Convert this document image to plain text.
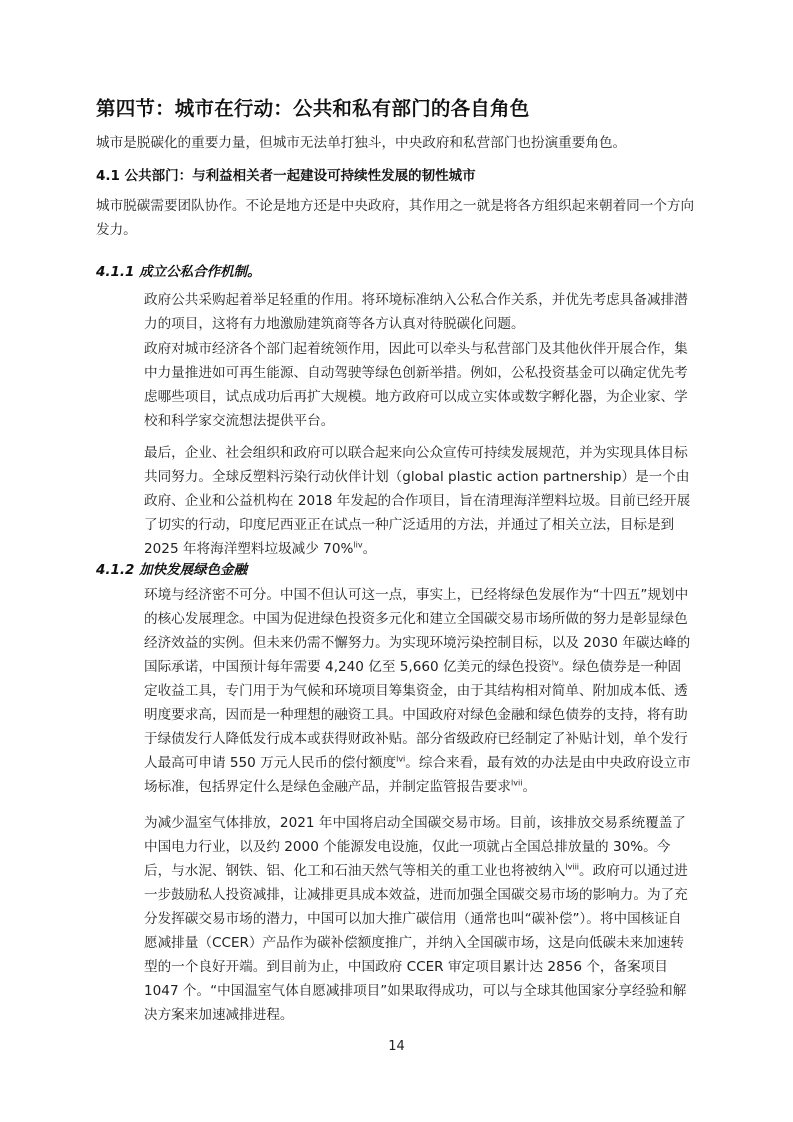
第四节：城市在行动：公共和私有部门的各自角色

城市是脱碳化的重要力量，但城市无法单打独斗，中央政府和私营部门也扮演重要角色。

4.1 公共部门：与利益相关者一起建设可持续性发展的韧性城市

城市脱碳需要团队协作。不论是地方还是中央政府，其作用之一就是将各方组织起来朝着同一个方向发力。

4.1.1 成立公私合作机制。

政府公共采购起着举足轻重的作用。将环境标准纳入公私合作关系，并优先考虑具备减排潜力的项目，这将有力地激励建筑商等各方认真对待脱碳化问题。

政府对城市经济各个部门起着统领作用，因此可以牵头与私营部门及其他伙伴开展合作，集中力量推进如可再生能源、自动驾驶等绿色创新举措。例如，公私投资基金可以确定优先考虑哪些项目，试点成功后再扩大规模。地方政府可以成立实体或数字孵化器，为企业家、学校和科学家交流想法提供平台。

最后，企业、社会组织和政府可以联合起来向公众宣传可持续发展规范，并为实现具体目标共同努力。全球反塑料污染行动伙伴计划（global plastic action partnership）是一个由政府、企业和公益机构在 2018 年发起的合作项目，旨在清理海洋塑料垃圾。目前已经开展了切实的行动，印度尼西亚正在试点一种广泛适用的方法，并通过了相关立法，目标是到 2025 年将海洋塑料垃圾减少 70%$^{liv}$。

4.1.2 加快发展绿色金融

环境与经济密不可分。中国不但认可这一点，事实上，已经将绿色发展作为“十四五”规划中的核心发展理念。中国为促进绿色投资多元化和建立全国碳交易市场所做的努力是彰显绿色经济效益的实例。但未来仍需不懈努力。为实现环境污染控制目标，以及 2030 年碳达峰的国际承诺，中国预计每年需要 4,240 亿至 5,660 亿美元的绿色投资$^{lv}$。绿色债券是一种固定收益工具，专门用于为气候和环境项目筹集资金，由于其结构相对简单、附加成本低、透明度要求高，因而是一种理想的融资工具。中国政府对绿色金融和绿色债券的支持，将有助于绿债发行人降低发行成本或获得财政补贴。部分省级政府已经制定了补贴计划，单个发行人最高可申请 550 万元人民币的偿付额度$^{lvi}$。综合来看，最有效的办法是由中央政府设立市场标准，包括界定什么是绿色金融产品，并制定监管报告要求$^{lvii}$。

为减少温室气体排放，2021 年中国将启动全国碳交易市场。目前，该排放交易系统覆盖了中国电力行业，以及约 2000 个能源发电设施，仅此一项就占全国总排放量的 30%。今后，与水泥、钢铁、铝、化工和石油天然气等相关的重工业也将被纳入$^{lviii}$。政府可以通过进一步鼓励私人投资减排，让减排更具成本效益，进而加强全国碳交易市场的影响力。为了充分发挥碳交易市场的潜力，中国可以加大推广碳信用（通常也叫“碳补偿”）。将中国核证自愿减排量（CCER）产品作为碳补偿额度推广，并纳入全国碳市场，这是向低碳未来加速转型的一个良好开端。到目前为止，中国政府 CCER 审定项目累计达 2856 个，备案项目 1047 个。“中国温室气体自愿减排项目”如果取得成功，可以与全球其他国家分享经验和解决方案来加速减排进程。

14
